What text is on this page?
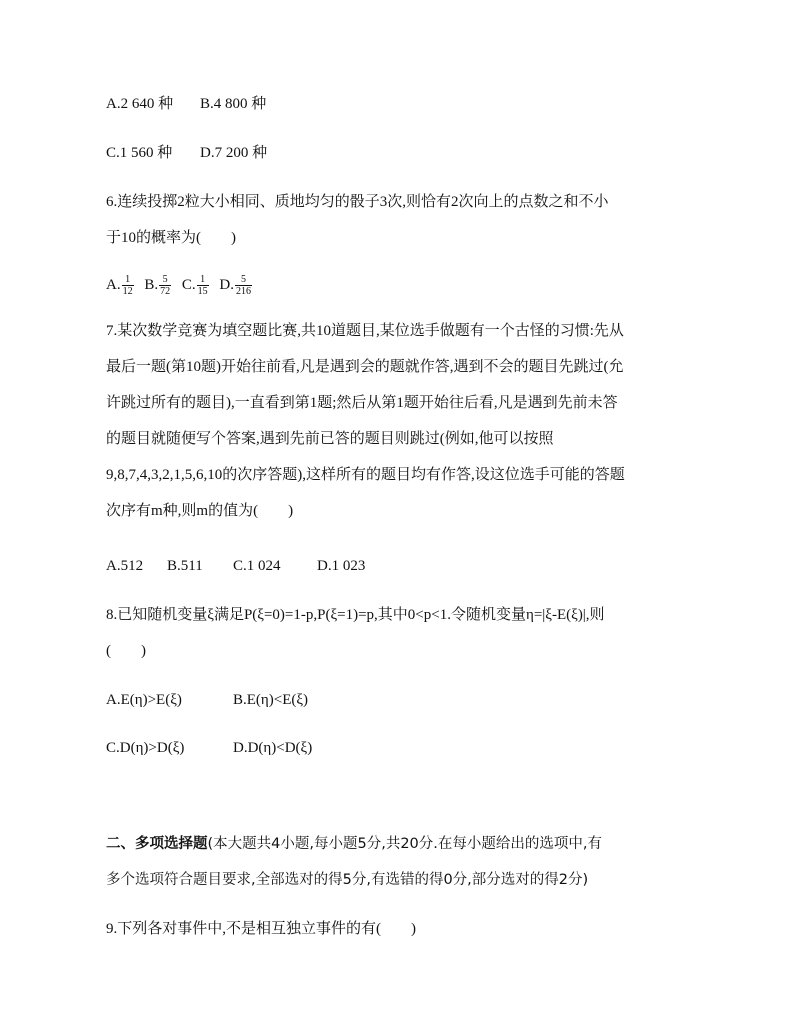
A.2 640 种 B.4 800 种
C.1 560 种 D.7 200 种
6.连续投掷2粒大小相同、质地均匀的骰子3次,则恰有2次向上的点数之和不小
于10的概率为(　　)
A. $\frac{1}{12} B$. $\frac{5}{72} C$. $\frac{1}{15} D$. $\frac{5}{216}$
7.某次数学竞赛为填空题比赛,共10道题目,某位选手做题有一个古怪的习惯:先从
最后一题(第10题)开始往前看,凡是遇到会的题就作答,遇到不会的题目先跳过(允
许跳过所有的题目),一直看到第1题;然后从第1题开始往后看,凡是遇到先前未答
的题目就随便写个答案,遇到先前已答的题目则跳过(例如,他可以按照
9,8,7,4,3,2,1,5,6,10的次序答题),这样所有的题目均有作答,设这位选手可能的答题
次序有m种,则m的值为(　　)
A.512 B.511 C.1 024 D.1 023
8.已知随机变量ξ满足P(ξ=0)=1-p,P(ξ=1)=p,其中0<p<1.令随机变量η=|ξ-E(ξ)|,则
(　　)
A.E(η)>E(ξ)	B.E(η)<E(ξ)
C.D(η)>D(ξ)	D.D(η)<D(ξ)
二、多项选择题(本大题共4小题,每小题5分,共20分.在每小题给出的选项中,有
多个选项符合题目要求,全部选对的得5分,有选错的得0分,部分选对的得2分)
9.下列各对事件中,不是相互独立事件的有(　　)
